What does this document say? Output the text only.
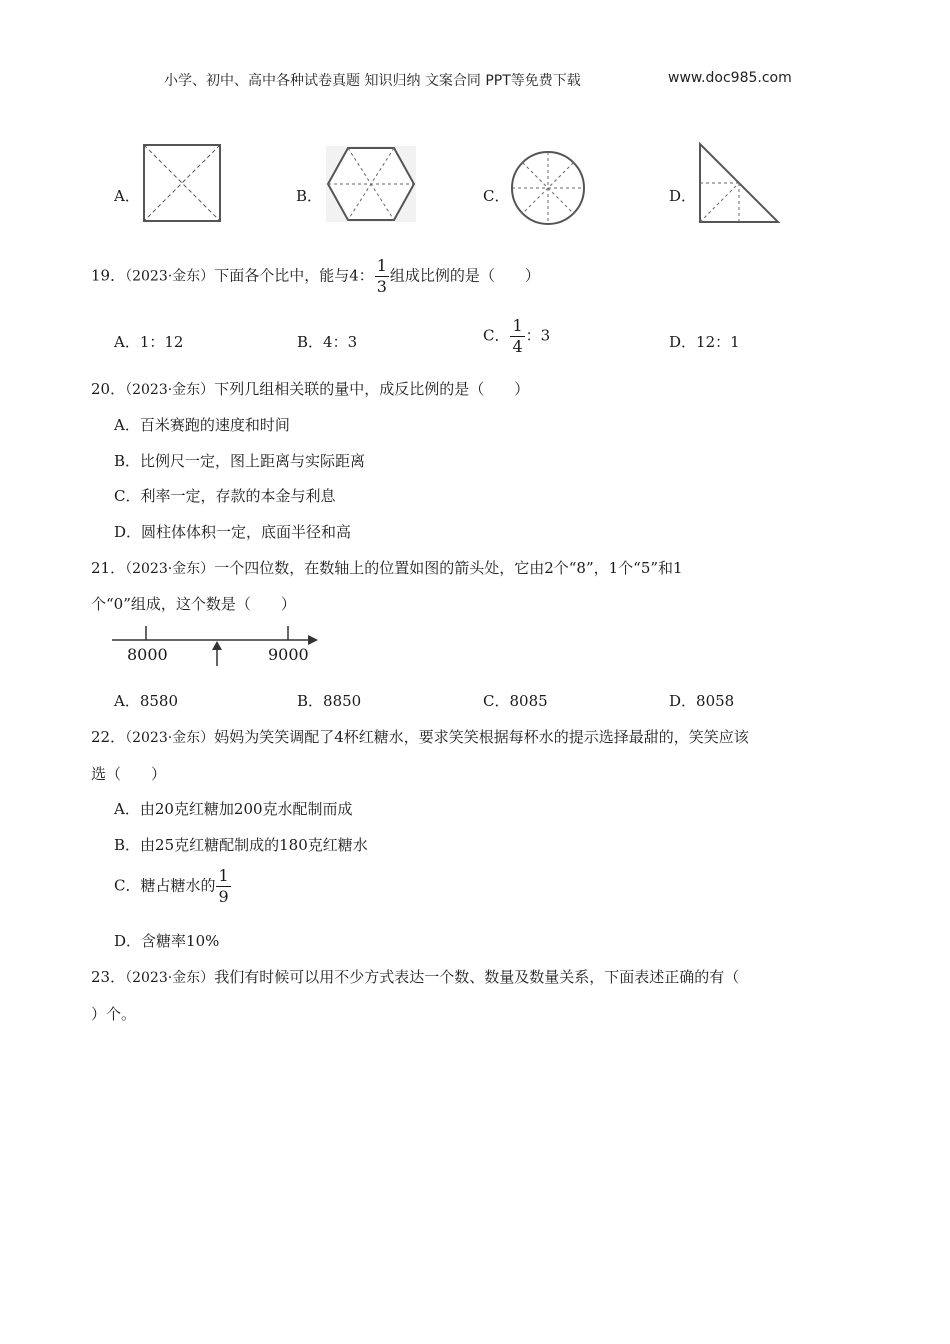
小学、初中、高中各种试卷真题 知识归纳 文案合同 PPT等免费下载	www.doc985.com
A．	B．	C．	D．
19．（2023·金东）下面各个比中，能与4： $\frac{1}{3}$ 组成比例的是（　　）
A．1：12	B．4：3	C． $\frac{1}{4}$ ：3	D．12：1
20．（2023·金东）下列几组相关联的量中，成反比例的是（　　）
A．百米赛跑的速度和时间
B．比例尺一定，图上距离与实际距离
C．利率一定，存款的本金与利息
D．圆柱体体积一定，底面半径和高
21．（2023·金东）一个四位数，在数轴上的位置如图的箭头处，它由2个“8”，1个“5”和1
个“0”组成，这个数是（　　）
8000	9000
A．8580	B．8850	C．8085	D．8058
22．（2023·金东）妈妈为笑笑调配了4杯红糖水，要求笑笑根据每杯水的提示选择最甜的，笑笑应该
选（　　）
A．由20克红糖加200克水配制而成
B．由25克红糖配制成的180克红糖水
C．糖占糖水的 $\frac{1}{9}$
D．含糖率10%
23．（2023·金东）我们有时候可以用不少方式表达一个数、数量及数量关系，下面表述正确的有（
）个。
